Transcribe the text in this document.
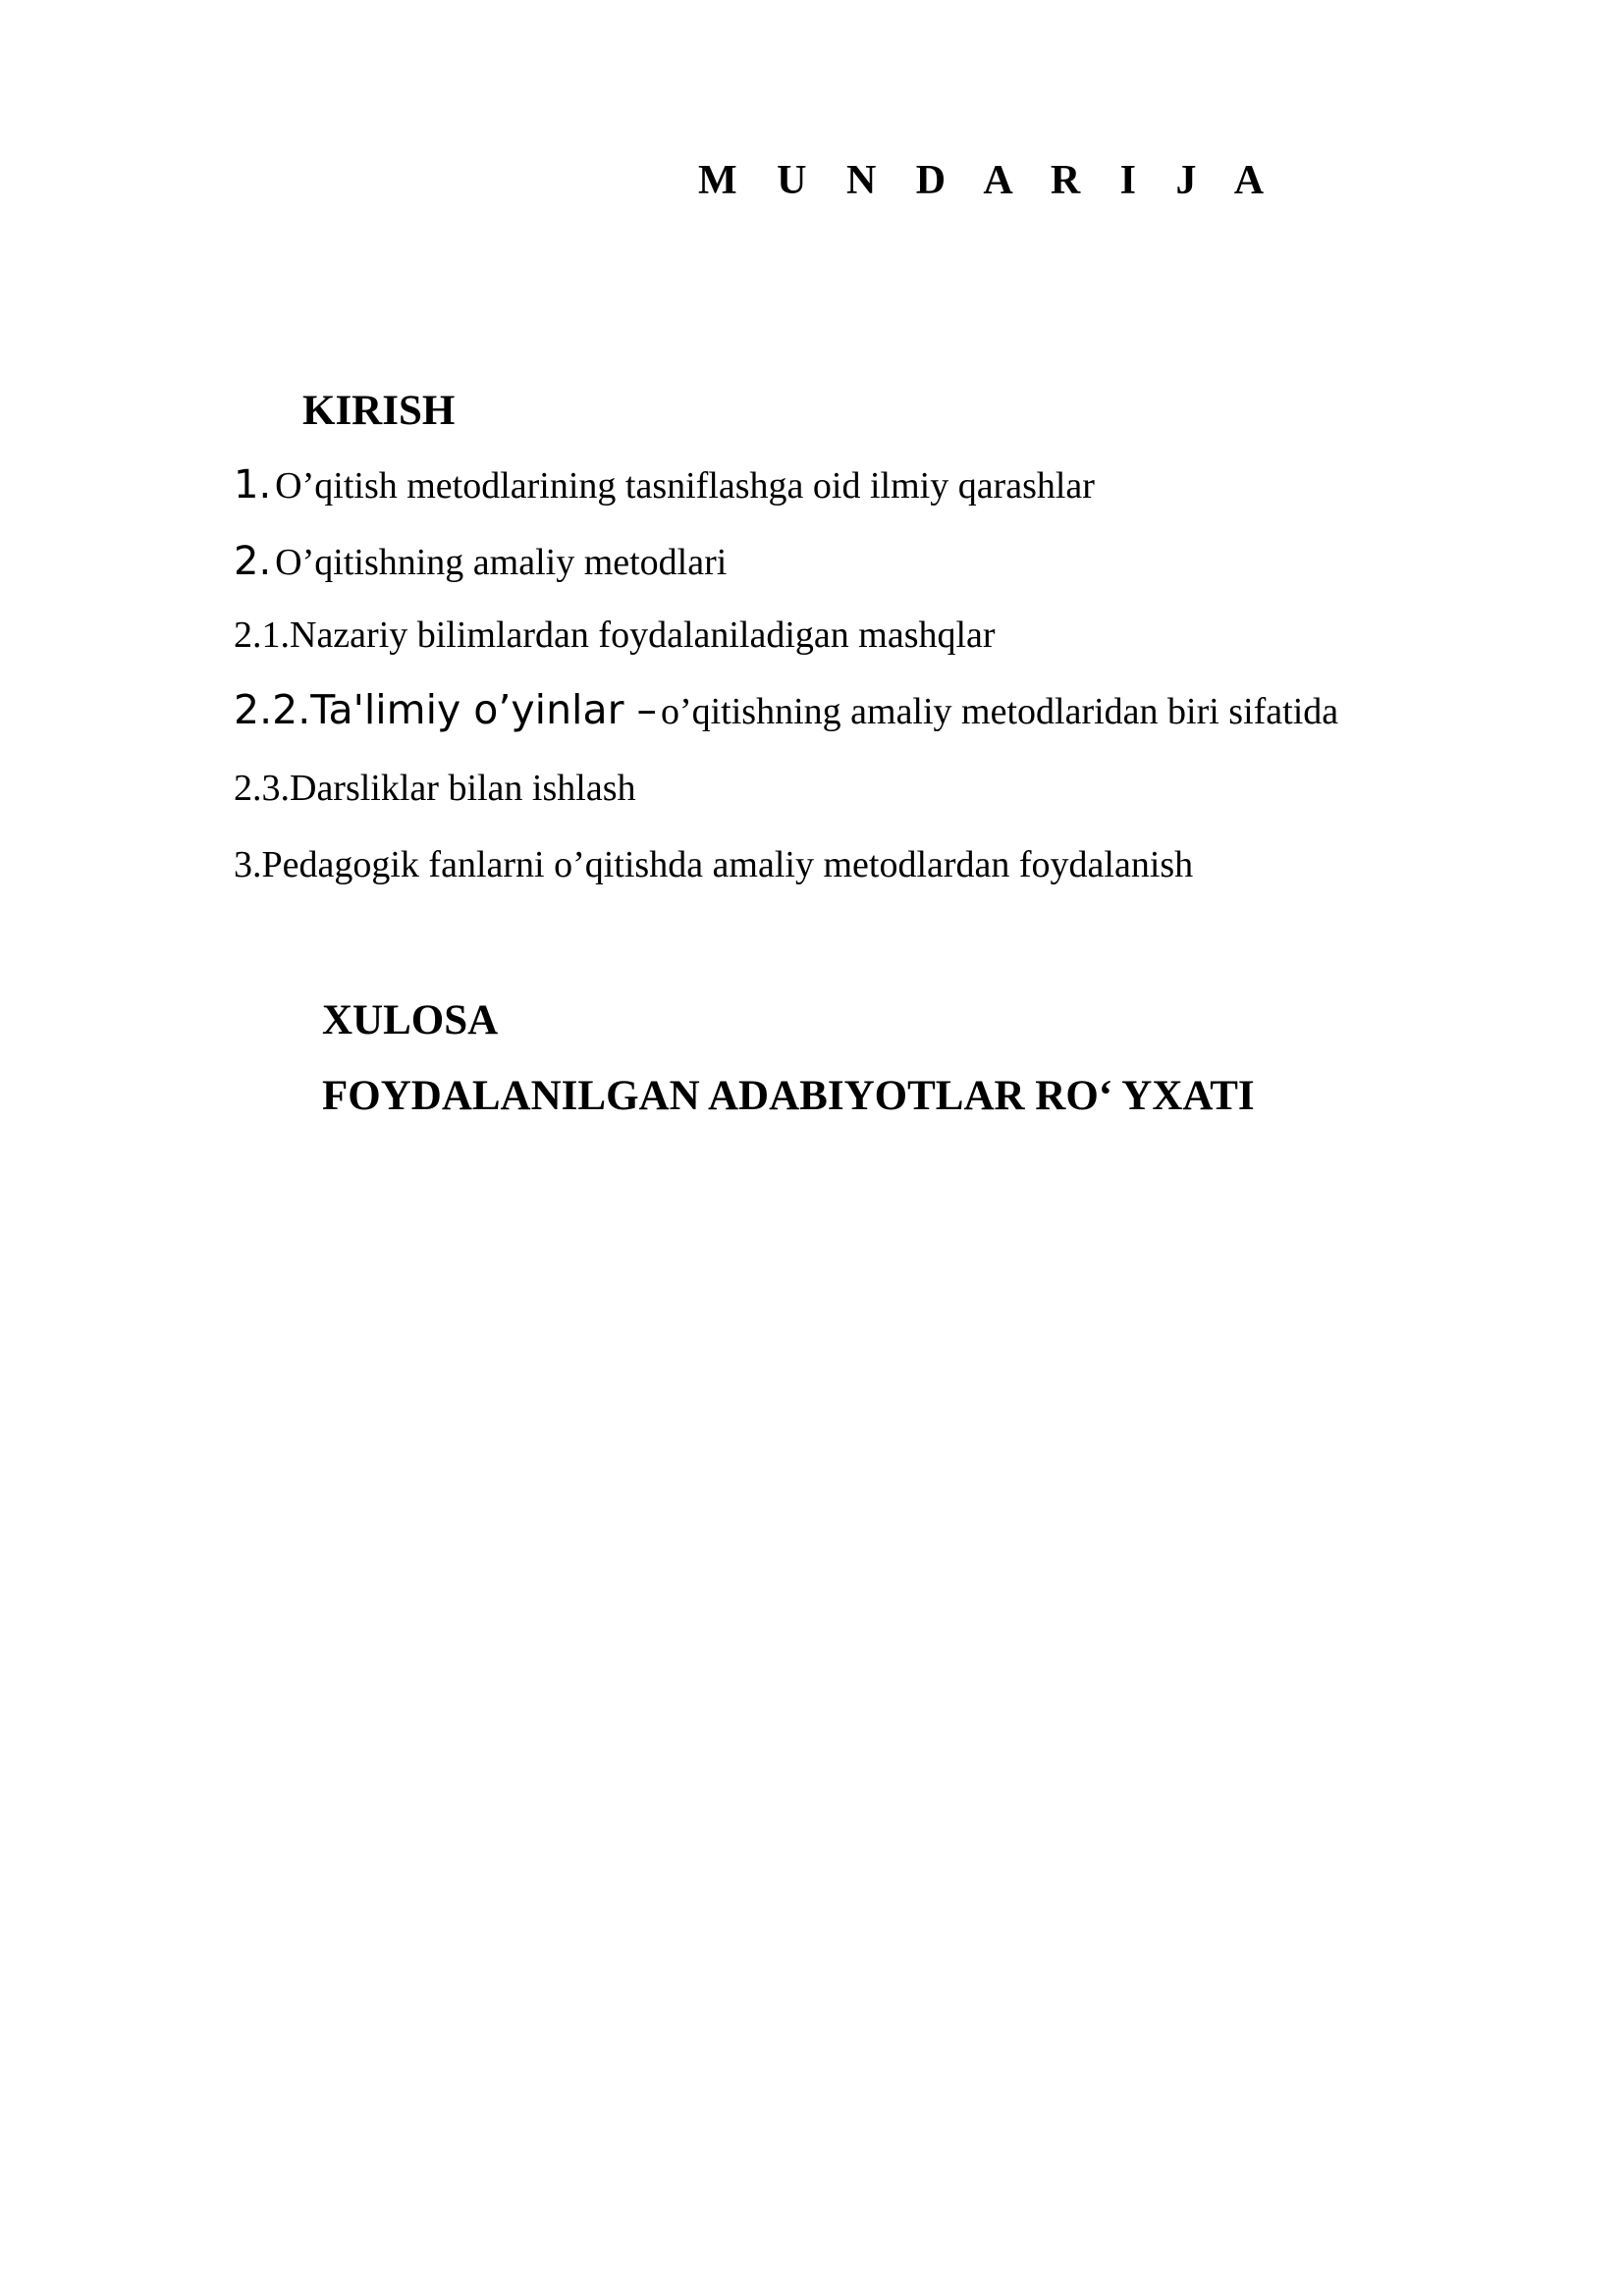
M U N D A R I J A
KIRISH
1. O’qitish metodlarining tasniflashga oid ilmiy qarashlar
2. O’qitishning amaliy metodlari
2.1.Nazariy bilimlardan foydalaniladigan mashqlar
2.2.Ta'limiy o’yinlar – o’qitishning amaliy metodlaridan biri sifatida
2.3.Darsliklar bilan ishlash
3.Pedagogik fanlarni o’qitishda amaliy metodlardan foydalanish
XULOSA
FOYDALANILGAN ADABIYOTLAR RO‘ YXATI
